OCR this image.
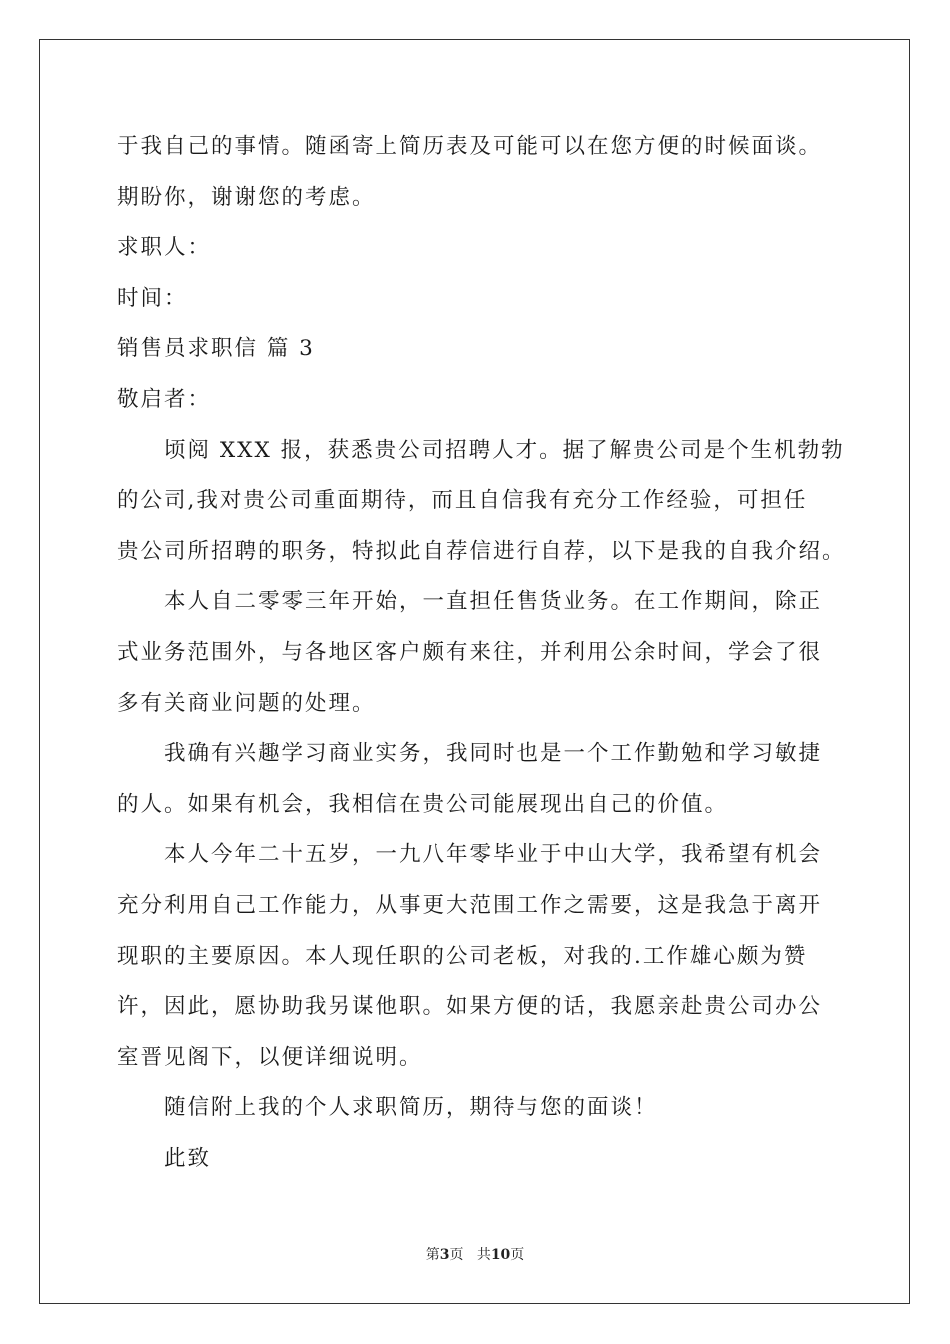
于我自己的事情。随函寄上简历表及可能可以在您方便的时候面谈。
期盼你，谢谢您的考虑。
求职人：
时间：
销售员求职信 篇 3
敬启者：
顷阅 XXX 报，获悉贵公司招聘人才。据了解贵公司是个生机勃勃
的公司,我对贵公司重面期待，而且自信我有充分工作经验，可担任
贵公司所招聘的职务，特拟此自荐信进行自荐，以下是我的自我介绍。
本人自二零零三年开始，一直担任售货业务。在工作期间，除正
式业务范围外，与各地区客户颇有来往，并利用公余时间，学会了很
多有关商业问题的处理。
我确有兴趣学习商业实务，我同时也是一个工作勤勉和学习敏捷
的人。如果有机会，我相信在贵公司能展现出自己的价值。
本人今年二十五岁，一九八年零毕业于中山大学，我希望有机会
充分利用自己工作能力，从事更大范围工作之需要，这是我急于离开
现职的主要原因。本人现任职的公司老板，对我的.工作雄心颇为赞
许，因此，愿协助我另谋他职。如果方便的话，我愿亲赴贵公司办公
室晋见阁下，以便详细说明。
随信附上我的个人求职简历，期待与您的面谈！
此致
第3页 共10页
